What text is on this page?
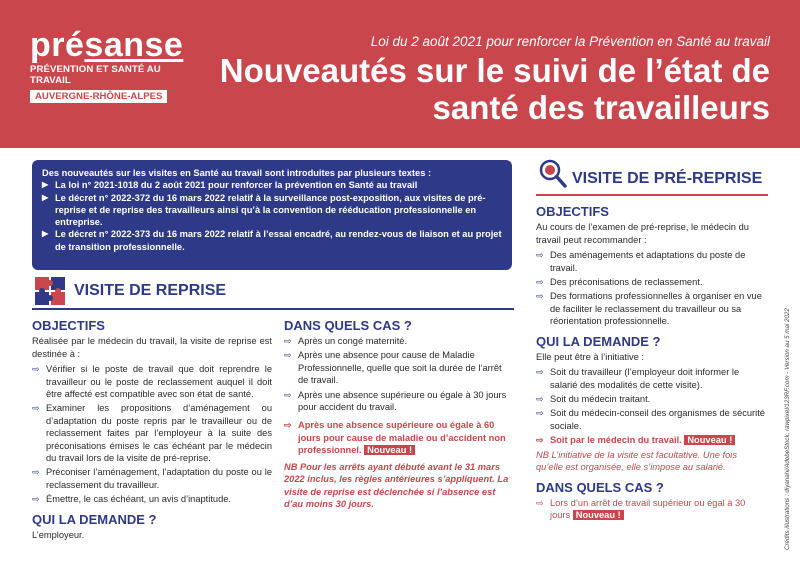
présanse
PRÉVENTION ET SANTÉ AU TRAVAIL
AUVERGNE-RHÔNE-ALPES
Loi du 2 août 2021 pour renforcer la Prévention en Santé au travail
Nouveautés sur le suivi de l’état de santé des travailleurs
Des nouveautés sur les visites en Santé au travail sont introduites par plusieurs textes :
▶ La loi n° 2021-1018 du 2 août 2021 pour renforcer la prévention en Santé au travail
▶ Le décret n° 2022-372 du 16 mars 2022 relatif à la surveillance post-exposition, aux visites de pré-reprise et de reprise des travailleurs ainsi qu’à la convention de rééducation professionnelle en entreprise.
▶ Le décret n° 2022-373 du 16 mars 2022 relatif à l’essai encadré, au rendez-vous de liaison et au projet de transition professionnelle.
VISITE DE REPRISE
OBJECTIFS
Réalisée par le médecin du travail, la visite de reprise est destinée à :
⇨ Vérifier si le poste de travail que doit reprendre le travailleur ou le poste de reclassement auquel il doit être affecté est compatible avec son état de santé.
⇨ Examiner les propositions d’aménagement ou d’adaptation du poste repris par le travailleur ou de reclassement faites par l’employeur à la suite des préconisations émises le cas échéant par le médecin du travail lors de la visite de pré-reprise.
⇨ Préconiser l’aménagement, l’adaptation du poste ou le reclassement du travailleur.
⇨ Émettre, le cas échéant, un avis d’inaptitude.
QUI LA DEMANDE ?
L’employeur.
DANS QUELS CAS ?
⇨ Après un congé maternité.
⇨ Après une absence pour cause de Maladie Professionnelle, quelle que soit la durée de l’arrêt de travail.
⇨ Après une absence supérieure ou égale à 30 jours pour accident du travail.
⇨ Après une absence supérieure ou égale à 60 jours pour cause de maladie ou d’accident non professionnel. Nouveau !
NB Pour les arrêts ayant débuté avant le 31 mars 2022 inclus, les règles antérieures s’appliquent. La visite de reprise est déclenchée si l’absence est d’au moins 30 jours.
VISITE DE PRÉ-REPRISE
OBJECTIFS
Au cours de l’examen de pré-reprise, le médecin du travail peut recommander :
⇨ Des aménagements et adaptations du poste de travail.
⇨ Des préconisations de reclassement.
⇨ Des formations professionnelles à organiser en vue de faciliter le reclassement du travailleur ou sa réorientation professionnelle.
QUI LA DEMANDE ?
Elle peut être à l’initiative :
⇨ Soit du travailleur (l’employeur doit informer le salarié des modalités de cette visite).
⇨ Soit du médecin traitant.
⇨ Soit du médecin-conseil des organismes de sécurité sociale.
⇨ Soit par le médecin du travail. Nouveau !
NB L’initiative de la visite est facultative. Une fois qu’elle est organisée, elle s’impose au salarié.
DANS QUELS CAS ?
⇨ Lors d’un arrêt de travail supérieur ou égal à 30 jours Nouveau !	Crédits illustrations : diyanahi/AdobeStock, rawpixel/123RF.com - Version au 5 mai 2022
